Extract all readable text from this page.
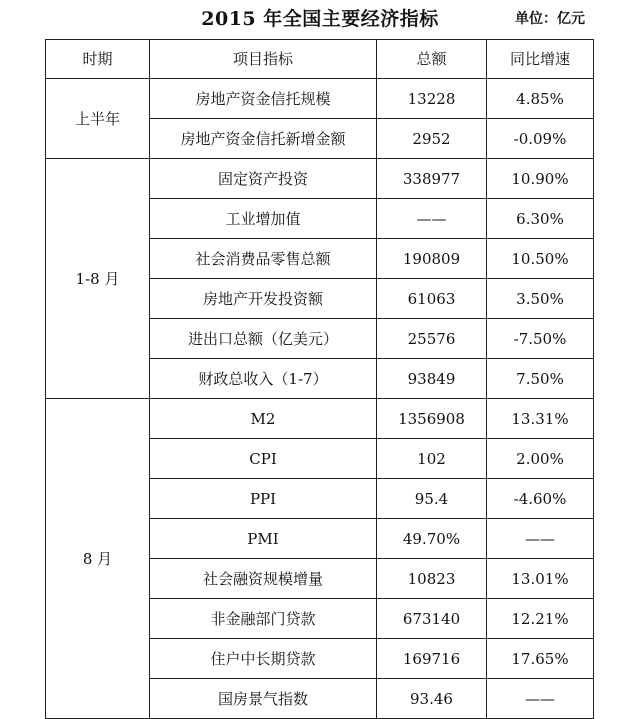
2015 年全国主要经济指标	单位：亿元
时期	项目指标	总额	同比增速
上半年	房地产资金信托规模	13228	4.85%
	房地产资金信托新增金额	2952	-0.09%
1-8 月	固定资产投资	338977	10.90%
	工业增加值	——	6.30%
	社会消费品零售总额	190809	10.50%
	房地产开发投资额	61063	3.50%
	进出口总额（亿美元）	25576	-7.50%
	财政总收入（1-7）	93849	7.50%
8 月	M2	1356908	13.31%
	CPI	102	2.00%
	PPI	95.4	-4.60%
	PMI	49.70%	——
	社会融资规模增量	10823	13.01%
	非金融部门贷款	673140	12.21%
	住户中长期贷款	169716	17.65%
	国房景气指数	93.46	——
